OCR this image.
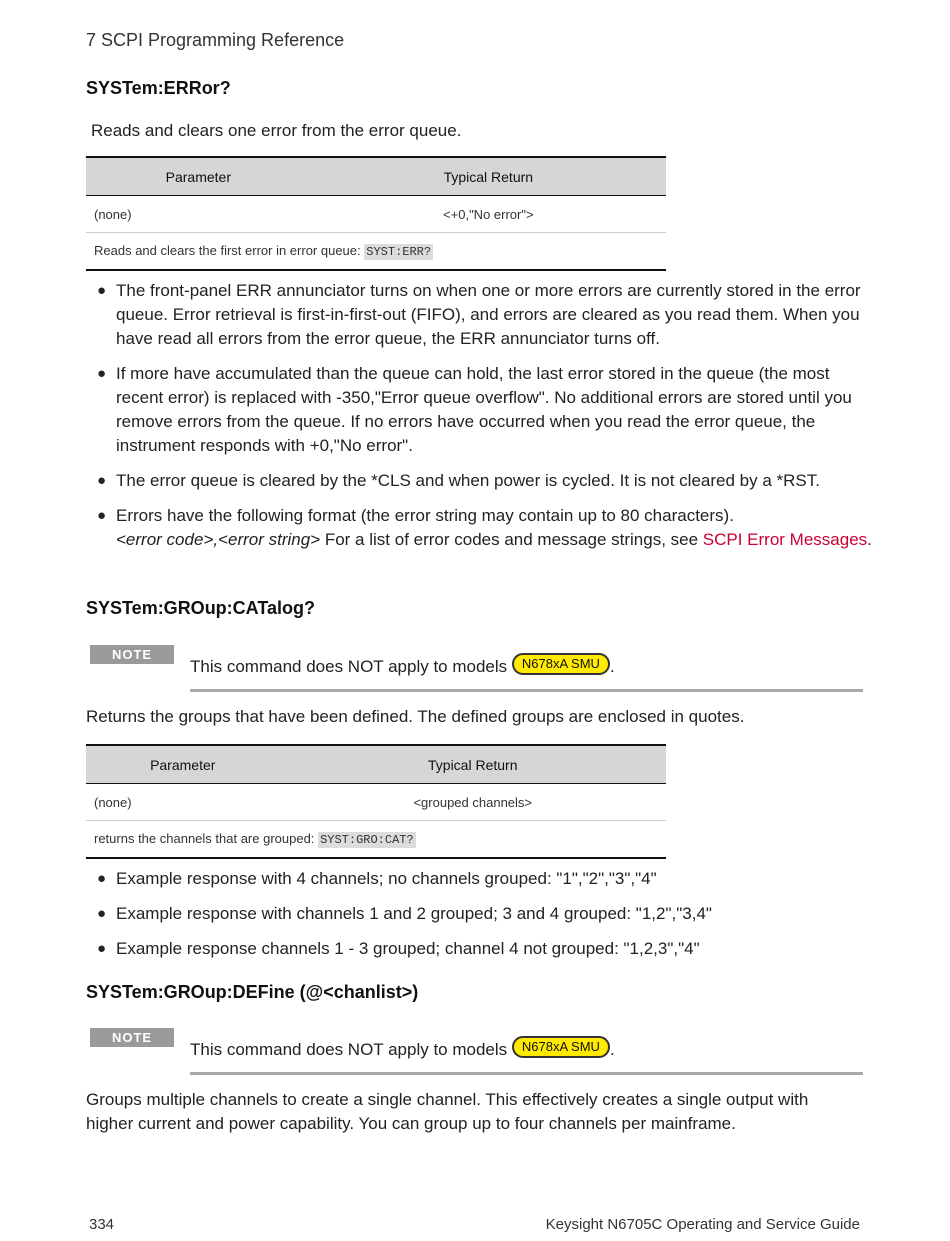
7 SCPI Programming Reference
SYSTem:ERRor?

Reads and clears one error from the error queue.

Parameter	Typical Return
(none)	<+0,"No error">
Reads and clears the first error in error queue: SYST:ERR?	
● The front-panel ERR annunciator turns on when one or more errors are currently stored in the error queue. Error retrieval is first-in-first-out (FIFO), and errors are cleared as you read them. When you have read all errors from the error queue, the ERR annunciator turns off.
● If more have accumulated than the queue can hold, the last error stored in the queue (the most recent error) is replaced with -350,"Error queue overflow". No additional errors are stored until you remove errors from the queue. If no errors have occurred when you read the error queue, the instrument responds with +0,"No error".
● The error queue is cleared by the *CLS and when power is cycled. It is not cleared by a *RST.
● Errors have the following format (the error string may contain up to 80 characters).
<error code>,<error string> For a list of error codes and message strings, see SCPI Error Messages.
SYSTem:GROup:CATalog?
NOTE
This command does NOT apply to models N678xA SMU .

Returns the groups that have been defined. The defined groups are enclosed in quotes.

Parameter	Typical Return
(none)	<grouped channels>
returns the channels that are grouped: SYST:GRO:CAT?	
● Example response with 4 channels; no channels grouped: "1","2","3","4"
● Example response with channels 1 and 2 grouped; 3 and 4 grouped: "1,2","3,4"
● Example response channels 1 - 3 grouped; channel 4 not grouped: "1,2,3","4"
SYSTem:GROup:DEFine (@<chanlist>)
NOTE
This command does NOT apply to models N678xA SMU .

Groups multiple channels to create a single channel. This effectively creates a single output with higher current and power capability. You can group up to four channels per mainframe.

334	Keysight N6705C Operating and Service Guide
